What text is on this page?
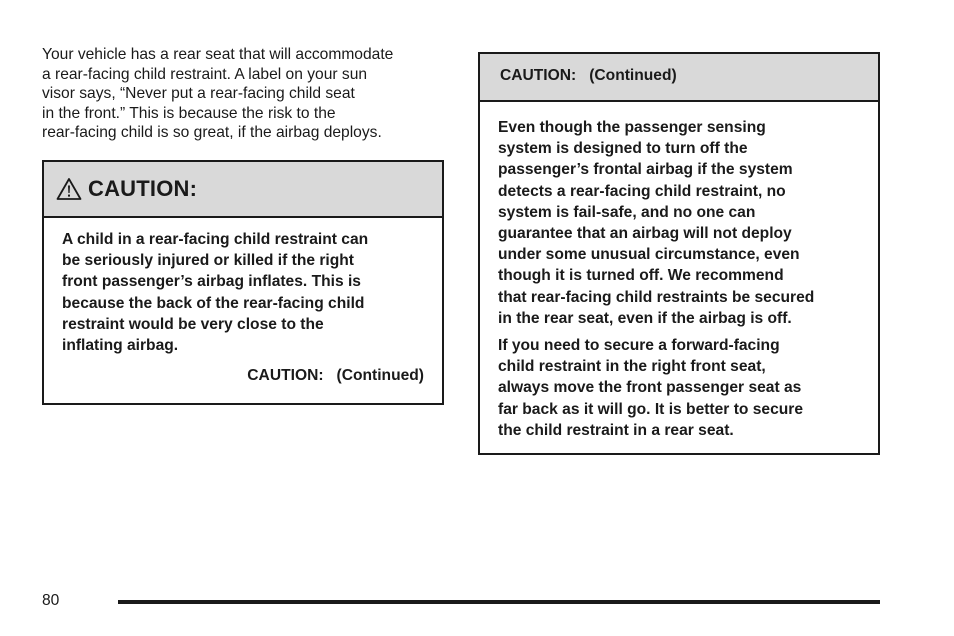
Your vehicle has a rear seat that will accommodate
a rear-facing child restraint. A label on your sun
visor says, “Never put a rear-facing child seat
in the front.” This is because the risk to the
rear-facing child is so great, if the airbag deploys.
CAUTION:
A child in a rear-facing child restraint can
be seriously injured or killed if the right
front passenger’s airbag inflates. This is
because the back of the rear-facing child
restraint would be very close to the
inflating airbag.
CAUTION:   (Continued)
CAUTION:   (Continued)
Even though the passenger sensing
system is designed to turn off the
passenger’s frontal airbag if the system
detects a rear-facing child restraint, no
system is fail-safe, and no one can
guarantee that an airbag will not deploy
under some unusual circumstance, even
though it is turned off. We recommend
that rear-facing child restraints be secured
in the rear seat, even if the airbag is off.
If you need to secure a forward-facing
child restraint in the right front seat,
always move the front passenger seat as
far back as it will go. It is better to secure
the child restraint in a rear seat.
80
